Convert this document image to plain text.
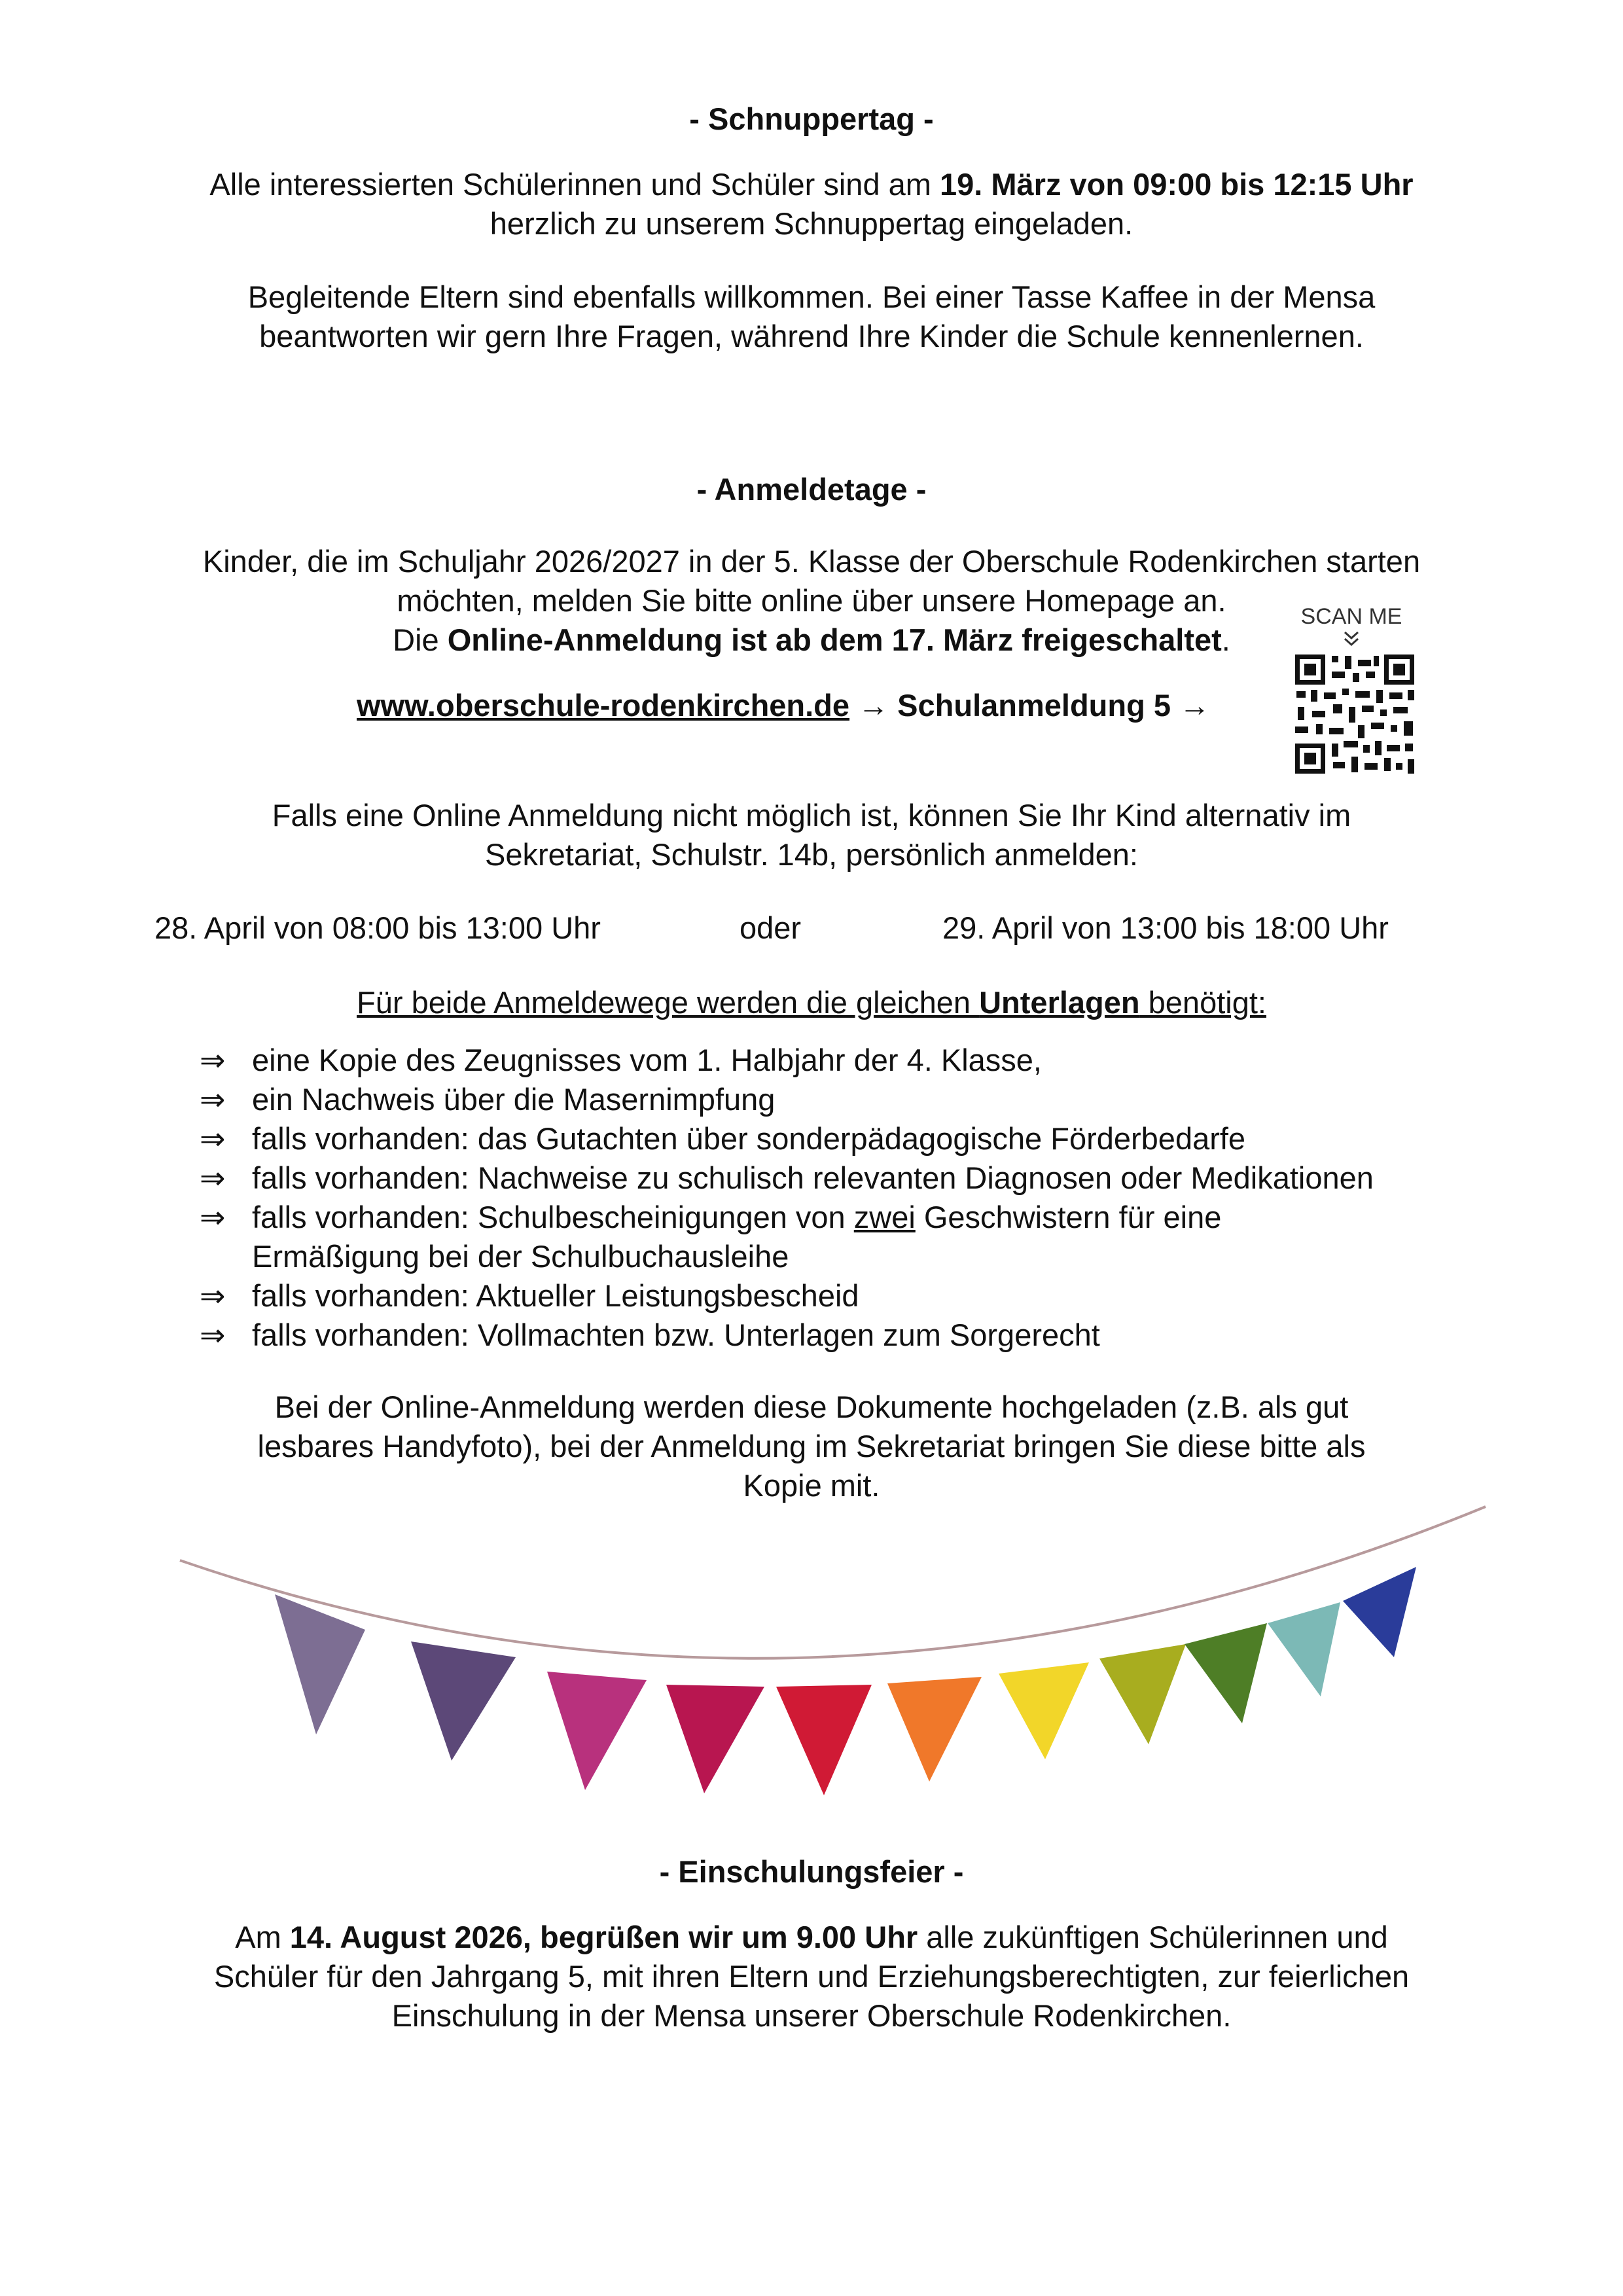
- Schnuppertag -
Alle interessierten Schülerinnen und Schüler sind am 19. März von 09:00 bis 12:15 Uhr
herzlich zu unserem Schnuppertag eingeladen.
Begleitende Eltern sind ebenfalls willkommen. Bei einer Tasse Kaffee in der Mensa
beantworten wir gern Ihre Fragen, während Ihre Kinder die Schule kennenlernen.
- Anmeldetage -
Kinder, die im Schuljahr 2026/2027 in der 5. Klasse der Oberschule Rodenkirchen starten
möchten, melden Sie bitte online über unsere Homepage an.
Die Online-Anmeldung ist ab dem 17. März freigeschaltet.
www.oberschule-rodenkirchen.de → Schulanmeldung 5 →
SCAN ME
Falls eine Online Anmeldung nicht möglich ist, können Sie Ihr Kind alternativ im
Sekretariat, Schulstr. 14b, persönlich anmelden:
28. April von 08:00 bis 13:00 Uhr	oder	29. April von 13:00 bis 18:00 Uhr
Für beide Anmeldewege werden die gleichen Unterlagen benötigt:
⇒ eine Kopie des Zeugnisses vom 1. Halbjahr der 4. Klasse,
⇒ ein Nachweis über die Masernimpfung
⇒ falls vorhanden: das Gutachten über sonderpädagogische Förderbedarfe
⇒ falls vorhanden: Nachweise zu schulisch relevanten Diagnosen oder Medikationen
⇒ falls vorhanden: Schulbescheinigungen von zwei Geschwistern für eine
Ermäßigung bei der Schulbuchausleihe
⇒ falls vorhanden: Aktueller Leistungsbescheid
⇒ falls vorhanden: Vollmachten bzw. Unterlagen zum Sorgerecht
Bei der Online-Anmeldung werden diese Dokumente hochgeladen (z.B. als gut
lesbares Handyfoto), bei der Anmeldung im Sekretariat bringen Sie diese bitte als
Kopie mit.
- Einschulungsfeier -
Am 14. August 2026, begrüßen wir um 9.00 Uhr alle zukünftigen Schülerinnen und
Schüler für den Jahrgang 5, mit ihren Eltern und Erziehungsberechtigten, zur feierlichen
Einschulung in der Mensa unserer Oberschule Rodenkirchen.
